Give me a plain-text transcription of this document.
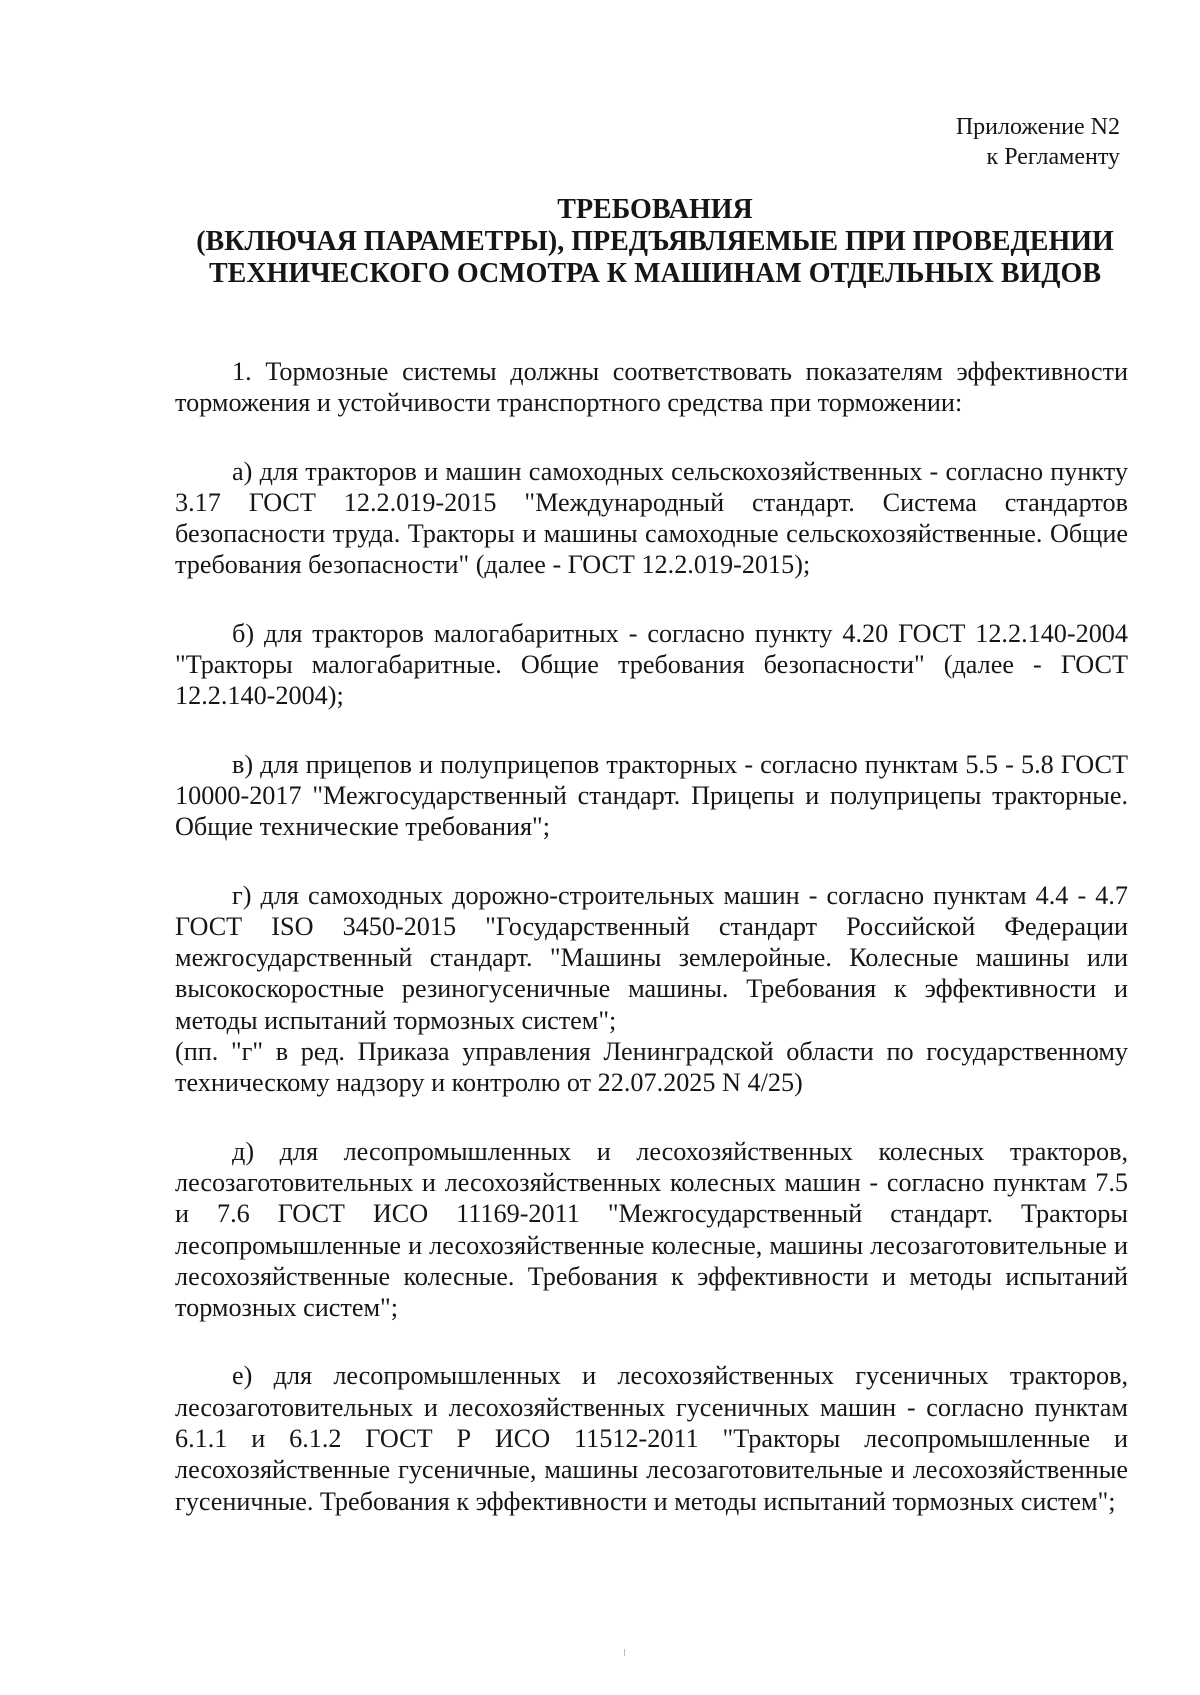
Приложение N2
к Регламенту
ТРЕБОВАНИЯ
(ВКЛЮЧАЯ ПАРАМЕТРЫ), ПРЕДЪЯВЛЯЕМЫЕ ПРИ ПРОВЕДЕНИИ
ТЕХНИЧЕСКОГО ОСМОТРА К МАШИНАМ ОТДЕЛЬНЫХ ВИДОВ

1. Тормозные системы должны соответствовать показателям эффективности торможения и устойчивости транспортного средства при торможении:

а) для тракторов и машин самоходных сельскохозяйственных - согласно пункту 3.17 ГОСТ 12.2.019-2015 "Международный стандарт. Система стандартов безопасности труда. Тракторы и машины самоходные сельскохозяйственные. Общие требования безопасности" (далее - ГОСТ 12.2.019-2015);

б) для тракторов малогабаритных - согласно пункту 4.20 ГОСТ 12.2.140-2004 "Тракторы малогабаритные. Общие требования безопасности" (далее - ГОСТ 12.2.140-2004);

в) для прицепов и полуприцепов тракторных - согласно пунктам 5.5 - 5.8 ГОСТ 10000-2017 "Межгосударственный стандарт. Прицепы и полуприцепы тракторные. Общие технические требования";

г) для самоходных дорожно-строительных машин - согласно пунктам 4.4 - 4.7 ГОСТ ISO 3450-2015 "Государственный стандарт Российской Федерации межгосударственный стандарт. "Машины землеройные. Колесные машины или высокоскоростные резиногусеничные машины. Требования к эффективности и методы испытаний тормозных систем";

(пп. "г" в ред. Приказа управления Ленинградской области по государственному техническому надзору и контролю от 22.07.2025 N 4/25)

д) для лесопромышленных и лесохозяйственных колесных тракторов, лесозаготовительных и лесохозяйственных колесных машин - согласно пунктам 7.5 и 7.6 ГОСТ ИСО 11169-2011 "Межгосударственный стандарт. Тракторы лесопромышленные и лесохозяйственные колесные, машины лесозаготовительные и лесохозяйственные колесные. Требования к эффективности и методы испытаний тормозных систем";

е) для лесопромышленных и лесохозяйственных гусеничных тракторов, лесозаготовительных и лесохозяйственных гусеничных машин - согласно пунктам 6.1.1 и 6.1.2 ГОСТ Р ИСО 11512-2011 "Тракторы лесопромышленные и лесохозяйственные гусеничные, машины лесозаготовительные и лесохозяйственные гусеничные. Требования к эффективности и методы испытаний тормозных систем";
